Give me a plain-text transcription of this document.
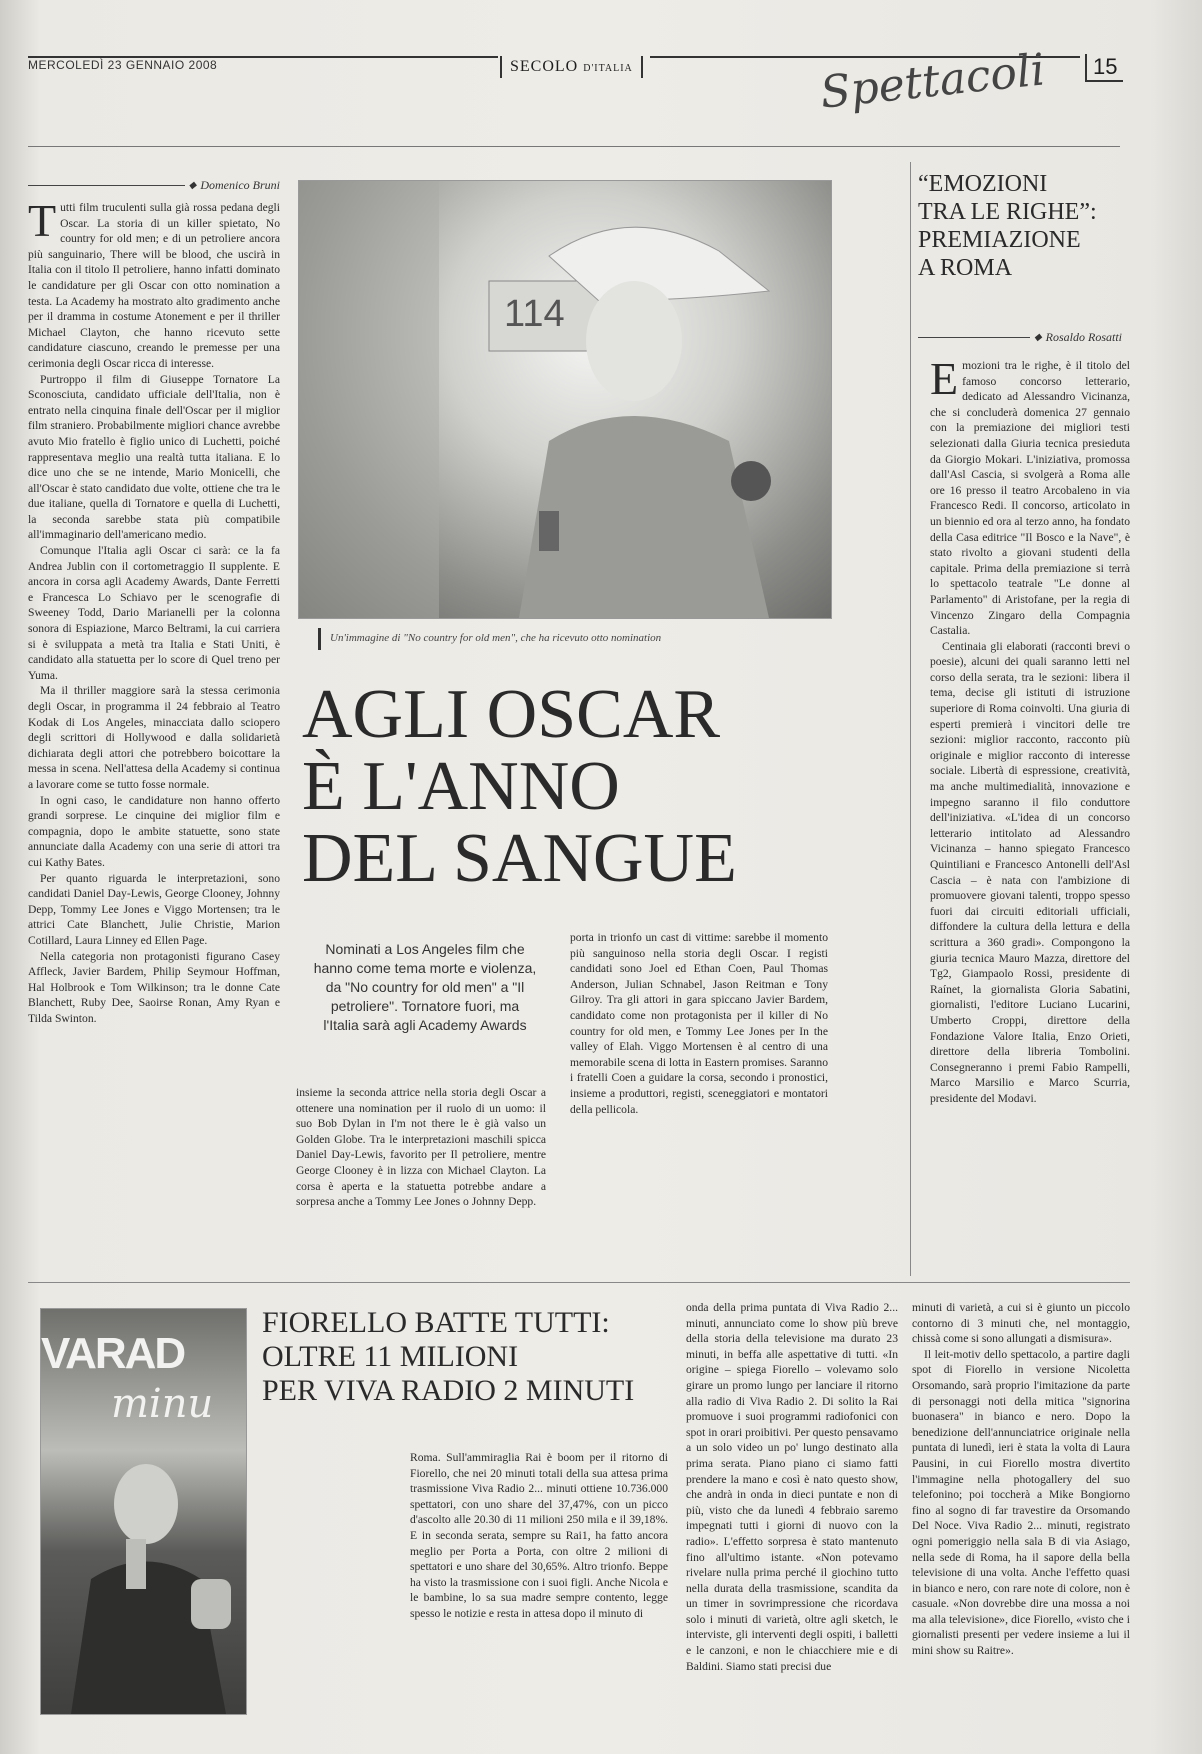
MERCOLEDÌ 23 GENNAIO 2008	SECOLO D'ITALIA	Spettacoli	15
◆ Domenico Bruni
T utti film truculenti sulla già rossa pedana degli Oscar. La storia di un killer spietato, No country for old men; e di un petroliere ancora più sanguinario, There will be blood, che uscirà in Italia con il titolo Il petroliere, hanno infatti dominato le candidature per gli Oscar con otto nomination a testa. La Academy ha mostrato alto gradimento anche per il dramma in costume Atonement e per il thriller Michael Clayton, che hanno ricevuto sette candidature ciascuno, creando le premesse per una cerimonia degli Oscar ricca di interesse.

Purtroppo il film di Giuseppe Tornatore La Sconosciuta, candidato ufficiale dell'Italia, non è entrato nella cinquina finale dell'Oscar per il miglior film straniero. Probabilmente migliori chance avrebbe avuto Mio fratello è figlio unico di Luchetti, poiché rappresentava meglio una realtà tutta italiana. E lo dice uno che se ne intende, Mario Monicelli, che all'Oscar è stato candidato due volte, ottiene che tra le due italiane, quella di Tornatore e quella di Luchetti, la seconda sarebbe stata più compatibile all'immaginario dell'americano medio.

Comunque l'Italia agli Oscar ci sarà: ce la fa Andrea Jublin con il cortometraggio Il supplente. E ancora in corsa agli Academy Awards, Dante Ferretti e Francesca Lo Schiavo per le scenografie di Sweeney Todd, Dario Marianelli per la colonna sonora di Espiazione, Marco Beltrami, la cui carriera si è sviluppata a metà tra Italia e Stati Uniti, è candidato alla statuetta per lo score di Quel treno per Yuma.

Ma il thriller maggiore sarà la stessa cerimonia degli Oscar, in programma il 24 febbraio al Teatro Kodak di Los Angeles, minacciata dallo sciopero degli scrittori di Hollywood e dalla solidarietà dichiarata degli attori che potrebbero boicottare la messa in scena. Nell'attesa della Academy si continua a lavorare come se tutto fosse normale.

In ogni caso, le candidature non hanno offerto grandi sorprese. Le cinquine dei miglior film e compagnia, dopo le ambite statuette, sono state annunciate dalla Academy con una serie di attori tra cui Kathy Bates.

Per quanto riguarda le interpretazioni, sono candidati Daniel Day-Lewis, George Clooney, Johnny Depp, Tommy Lee Jones e Viggo Mortensen; tra le attrici Cate Blanchett, Julie Christie, Marion Cotillard, Laura Linney ed Ellen Page.

Nella categoria non protagonisti figurano Casey Affleck, Javier Bardem, Philip Seymour Hoffman, Hal Holbrook e Tom Wilkinson; tra le donne Cate Blanchett, Ruby Dee, Saoirse Ronan, Amy Ryan e Tilda Swinton.

114
Un'immagine di "No country for old men", che ha ricevuto otto nomination
AGLI OSCAR
È L'ANNO
DEL SANGUE
Nominati a Los Angeles film che hanno come tema morte e violenza, da "No country for old men" a "Il petroliere". Tornatore fuori, ma l'Italia sarà agli Academy Awards

insieme la seconda attrice nella storia degli Oscar a ottenere una nomination per il ruolo di un uomo: il suo Bob Dylan in I'm not there le è già valso un Golden Globe. Tra le interpretazioni maschili spicca Daniel Day-Lewis, favorito per Il petroliere, mentre George Clooney è in lizza con Michael Clayton. La corsa è aperta e la statuetta potrebbe andare a sorpresa anche a Tommy Lee Jones o Johnny Depp.

porta in trionfo un cast di vittime: sarebbe il momento più sanguinoso nella storia degli Oscar. I registi candidati sono Joel ed Ethan Coen, Paul Thomas Anderson, Julian Schnabel, Jason Reitman e Tony Gilroy. Tra gli attori in gara spiccano Javier Bardem, candidato come non protagonista per il killer di No country for old men, e Tommy Lee Jones per In the valley of Elah. Viggo Mortensen è al centro di una memorabile scena di lotta in Eastern promises. Saranno i fratelli Coen a guidare la corsa, secondo i pronostici, insieme a produttori, registi, sceneggiatori e montatori della pellicola.

“EMOZIONI
TRA LE RIGHE”:
PREMIAZIONE
A ROMA
◆ Rosaldo Rosatti
E mozioni tra le righe, è il titolo del famoso concorso letterario, dedicato ad Alessandro Vicinanza, che si concluderà domenica 27 gennaio con la premiazione dei migliori testi selezionati dalla Giuria tecnica presieduta da Giorgio Mokari. L'iniziativa, promossa dall'Asl Cascia, si svolgerà a Roma alle ore 16 presso il teatro Arcobaleno in via Francesco Redi. Il concorso, articolato in un biennio ed ora al terzo anno, ha fondato della Casa editrice "Il Bosco e la Nave", è stato rivolto a giovani studenti della capitale. Prima della premiazione si terrà lo spettacolo teatrale "Le donne al Parlamento" di Aristofane, per la regia di Vincenzo Zingaro della Compagnia Castalia.

Centinaia gli elaborati (racconti brevi o poesie), alcuni dei quali saranno letti nel corso della serata, tra le sezioni: libera il tema, decise gli istituti di istruzione superiore di Roma coinvolti. Una giuria di esperti premierà i vincitori delle tre sezioni: miglior racconto, racconto più originale e miglior racconto di interesse sociale. Libertà di espressione, creatività, ma anche multimedialità, innovazione e impegno saranno il filo conduttore dell'iniziativa. «L'idea di un concorso letterario intitolato ad Alessandro Vicinanza – hanno spiegato Francesco Quintiliani e Francesco Antonelli dell'Asl Cascia – è nata con l'ambizione di promuovere giovani talenti, troppo spesso fuori dai circuiti editoriali ufficiali, diffondere la cultura della lettura e della scrittura a 360 gradi». Compongono la giuria tecnica Mauro Mazza, direttore del Tg2, Giampaolo Rossi, presidente di Raínet, la giornalista Gloria Sabatini, giornalisti, l'editore Luciano Lucarini, Umberto Croppi, direttore della Fondazione Valore Italia, Enzo Orieti, direttore della libreria Tombolini. Consegneranno i premi Fabio Rampelli, Marco Marsilio e Marco Scurria, presidente del Modavi.

VARAD
minu
FIORELLO BATTE TUTTI:
OLTRE 11 MILIONI
PER VIVA RADIO 2 MINUTI

Roma. Sull'ammiraglia Rai è boom per il ritorno di Fiorello, che nei 20 minuti totali della sua attesa prima trasmissione Viva Radio 2... minuti ottiene 10.736.000 spettatori, con uno share del 37,47%, con un picco d'ascolto alle 20.30 di 11 milioni 250 mila e il 39,18%. E in seconda serata, sempre su Rai1, ha fatto ancora meglio per Porta a Porta, con oltre 2 milioni di spettatori e uno share del 30,65%. Altro trionfo. Beppe ha visto la trasmissione con i suoi figli. Anche Nicola e le bambine, lo sa sua madre sempre contento, legge spesso le notizie e resta in attesa dopo il minuto di

onda della prima puntata di Viva Radio 2... minuti, annunciato come lo show più breve della storia della televisione ma durato 23 minuti, in beffa alle aspettative di tutti. «In origine – spiega Fiorello – volevamo solo girare un promo lungo per lanciare il ritorno alla radio di Viva Radio 2. Di solito la Rai promuove i suoi programmi radiofonici con spot in orari proibitivi. Per questo pensavamo a un solo video un po' lungo destinato alla prima serata. Piano piano ci siamo fatti prendere la mano e così è nato questo show, che andrà in onda in dieci puntate e non di più, visto che da lunedì 4 febbraio saremo impegnati tutti i giorni di nuovo con la radio». L'effetto sorpresa è stato mantenuto fino all'ultimo istante. «Non potevamo rivelare nulla prima perché il giochino tutto nella durata della trasmissione, scandita da un timer in sovrimpressione che ricordava solo i minuti di varietà, oltre agli sketch, le interviste, gli interventi degli ospiti, i balletti e le canzoni, e non le chiacchiere mie e di Baldini. Siamo stati precisi due

minuti di varietà, a cui si è giunto un piccolo contorno di 3 minuti che, nel montaggio, chissà come si sono allungati a dismisura».

Il leit-motiv dello spettacolo, a partire dagli spot di Fiorello in versione Nicoletta Orsomando, sarà proprio l'imitazione da parte di personaggi noti della mitica "signorina buonasera" in bianco e nero. Dopo la benedizione dell'annunciatrice originale nella puntata di lunedì, ieri è stata la volta di Laura Pausini, in cui Fiorello mostra divertito l'immagine nella photogallery del suo telefonino; poi toccherà a Mike Bongiorno fino al sogno di far travestire da Orsomando Del Noce. Viva Radio 2... minuti, registrato ogni pomeriggio nella sala B di via Asiago, nella sede di Roma, ha il sapore della bella televisione di una volta. Anche l'effetto quasi in bianco e nero, con rare note di colore, non è casuale. «Non dovrebbe dire una mossa a noi ma alla televisione», dice Fiorello, «visto che i giornalisti presenti per vedere insieme a lui il mini show su Raitre».
